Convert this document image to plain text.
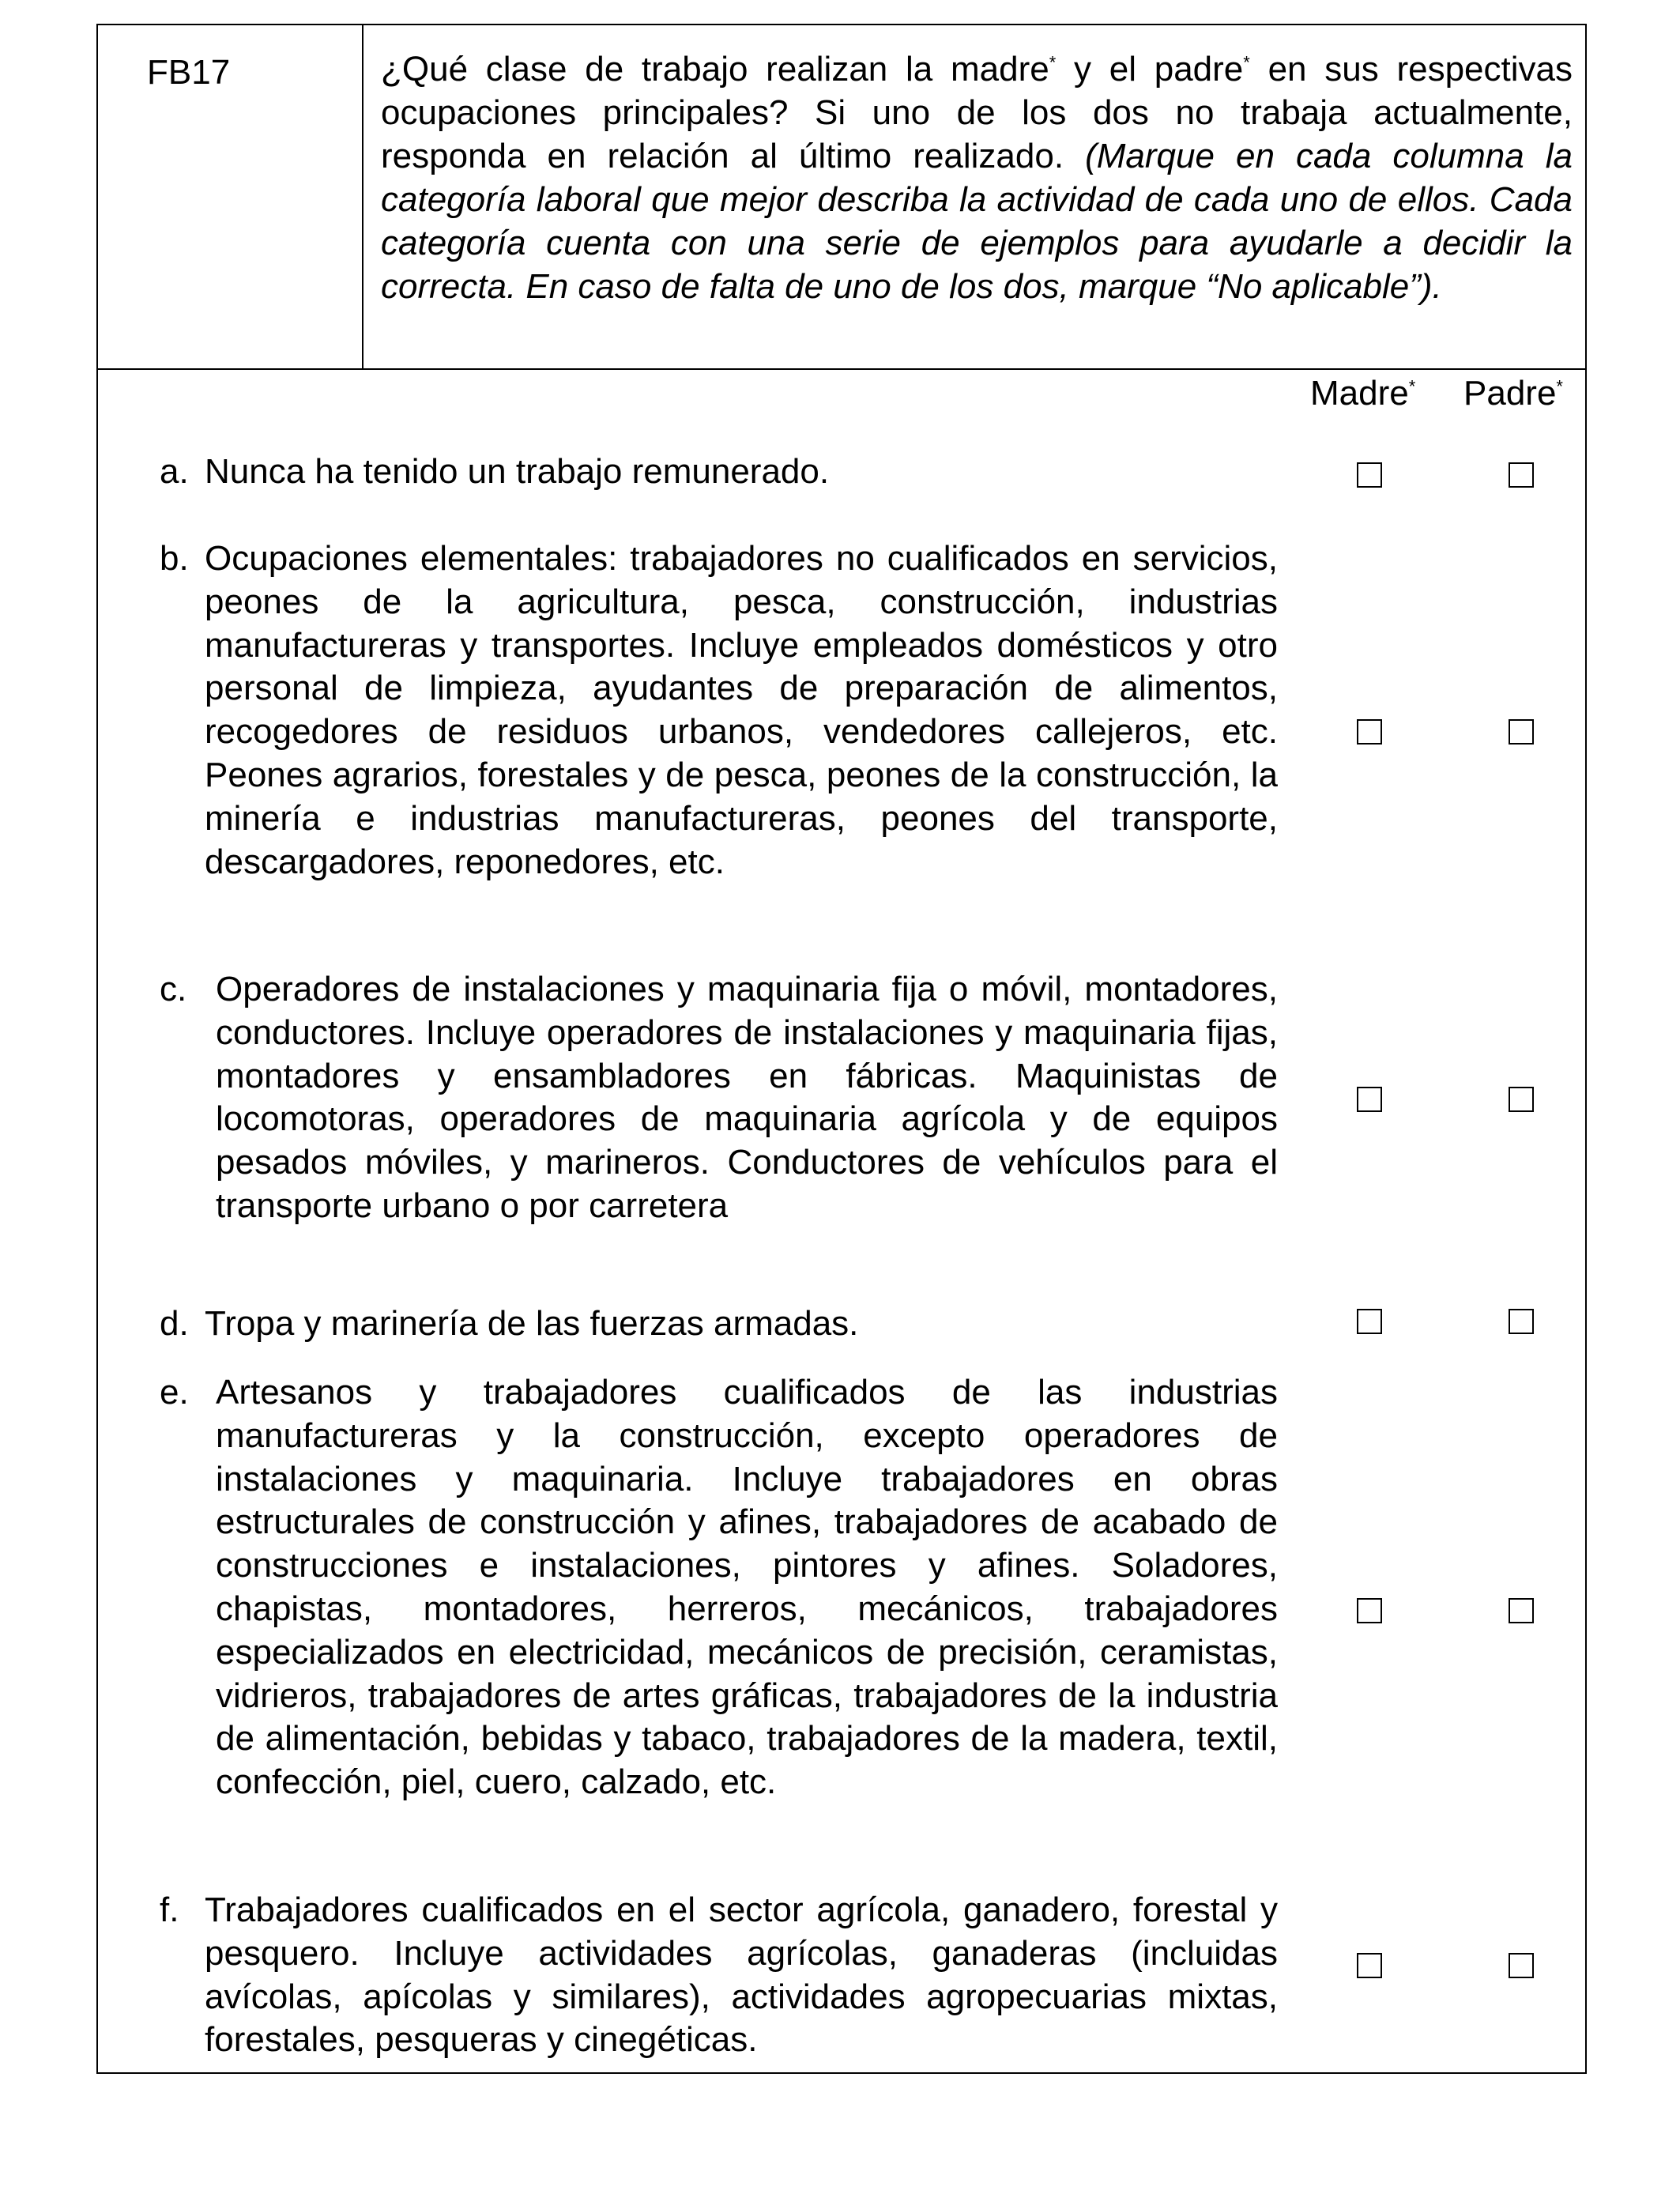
FB17	¿Qué clase de trabajo realizan la madre* y el padre* en sus respectivas ocupaciones principales? Si uno de los dos no trabaja actualmente, responda en relación al último realizado. (Marque en cada columna la categoría laboral que mejor describa la actividad de cada uno de ellos. Cada categoría cuenta con una serie de ejemplos para ayudarle a decidir la correcta. En caso de falta de uno de los dos, marque “No aplicable”).
Madre* Padre*
a. Nunca ha tenido un trabajo remunerado.
b. Ocupaciones elementales: trabajadores no cualificados en servicios, peones de la agricultura, pesca, construcción, industrias manufactureras y transportes. Incluye empleados domésticos y otro personal de limpieza, ayudantes de preparación de alimentos, recogedores de residuos urbanos, vendedores callejeros, etc. Peones agrarios, forestales y de pesca, peones de la construcción, la minería e industrias manufactureras, peones del transporte, descargadores, reponedores, etc.
c. Operadores de instalaciones y maquinaria fija o móvil, montadores, conductores. Incluye operadores de instalaciones y maquinaria fijas, montadores y ensambladores en fábricas. Maquinistas de locomotoras, operadores de maquinaria agrícola y de equipos pesados móviles, y marineros. Conductores de vehículos para el transporte urbano o por carretera
d. Tropa y marinería de las fuerzas armadas.
e. Artesanos y trabajadores cualificados de las industrias manufactureras y la construcción, excepto operadores de instalaciones y maquinaria. Incluye trabajadores en obras estructurales de construcción y afines, trabajadores de acabado de construcciones e instalaciones, pintores y afines. Soladores, chapistas, montadores, herreros, mecánicos, trabajadores especializados en electricidad, mecánicos de precisión, ceramistas, vidrieros, trabajadores de artes gráficas, trabajadores de la industria de alimentación, bebidas y tabaco, trabajadores de la madera, textil, confección, piel, cuero, calzado, etc.
f. Trabajadores cualificados en el sector agrícola, ganadero, forestal y pesquero. Incluye actividades agrícolas, ganaderas (incluidas avícolas, apícolas y similares), actividades agropecuarias mixtas, forestales, pesqueras y cinegéticas.
